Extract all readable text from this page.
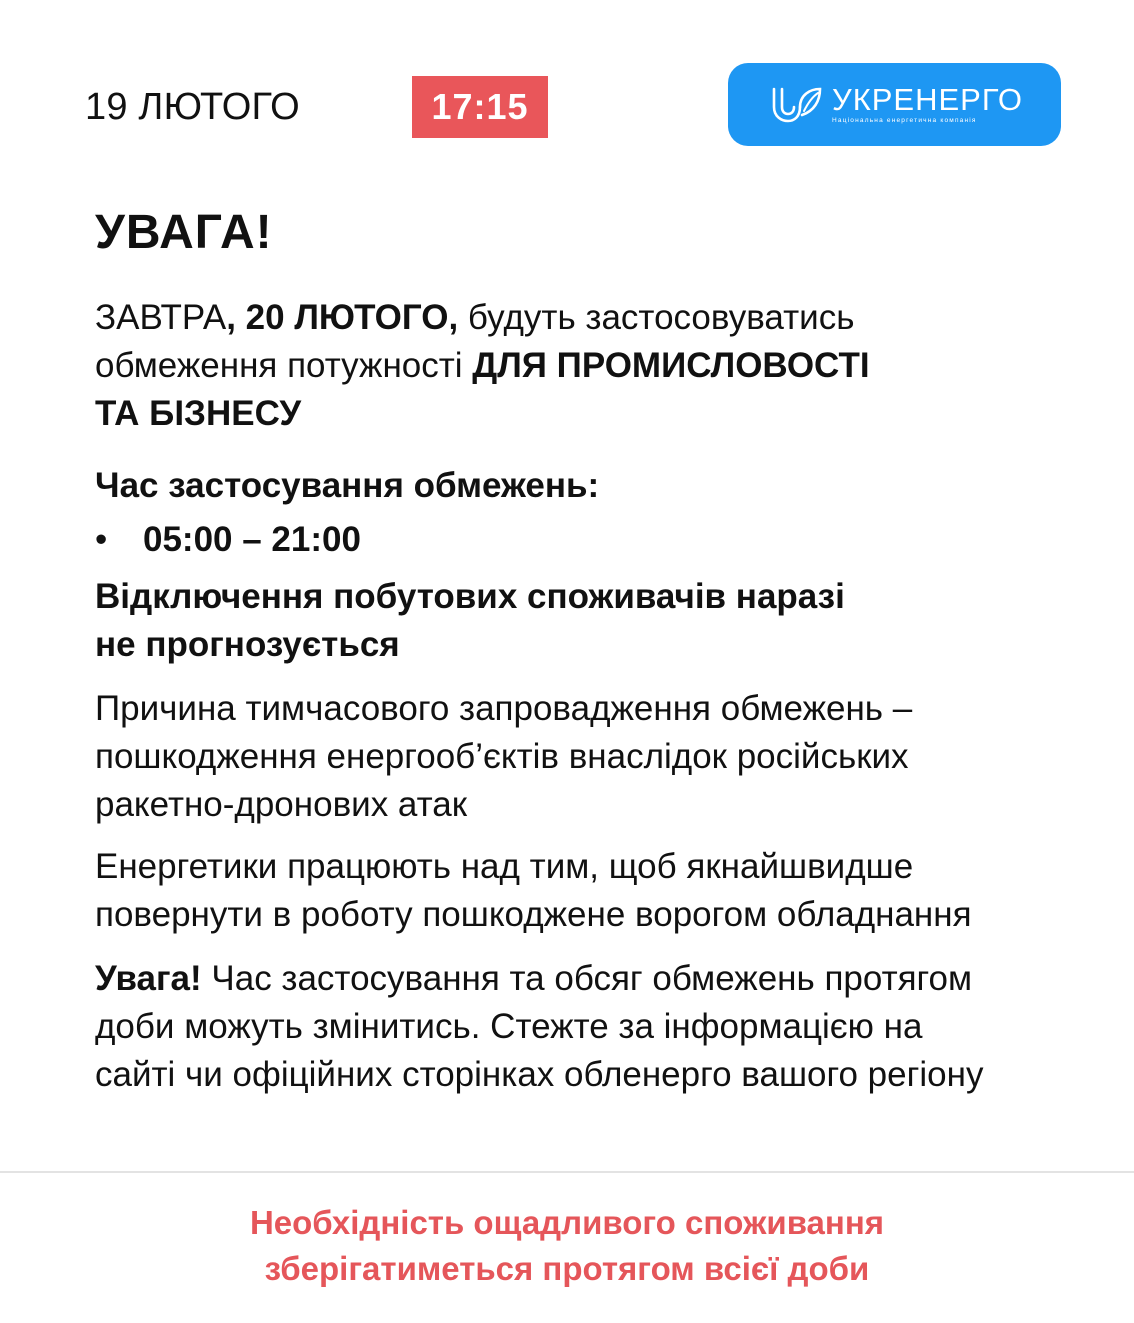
19 ЛЮТОГО	17:15	УКРЕНЕРГО
Національна енергетична компанія
УВАГА!
ЗАВТРА, 20 ЛЮТОГО, будуть застосовуватись
обмеження потужності ДЛЯ ПРОМИСЛОВОСТІ
ТА БІЗНЕСУ
Час застосування обмежень:
• 05:00 – 21:00
Відключення побутових споживачів наразі
не прогнозується
Причина тимчасового запровадження обмежень –
пошкодження енергооб’єктів внаслідок російських
ракетно-дронових атак
Енергетики працюють над тим, щоб якнайшвидше
повернути в роботу пошкоджене ворогом обладнання
Увага! Час застосування та обсяг обмежень протягом
доби можуть змінитись. Стежте за інформацією на
сайті чи офіційних сторінках обленерго вашого регіону
Необхідність ощадливого споживання
зберігатиметься протягом всієї доби
